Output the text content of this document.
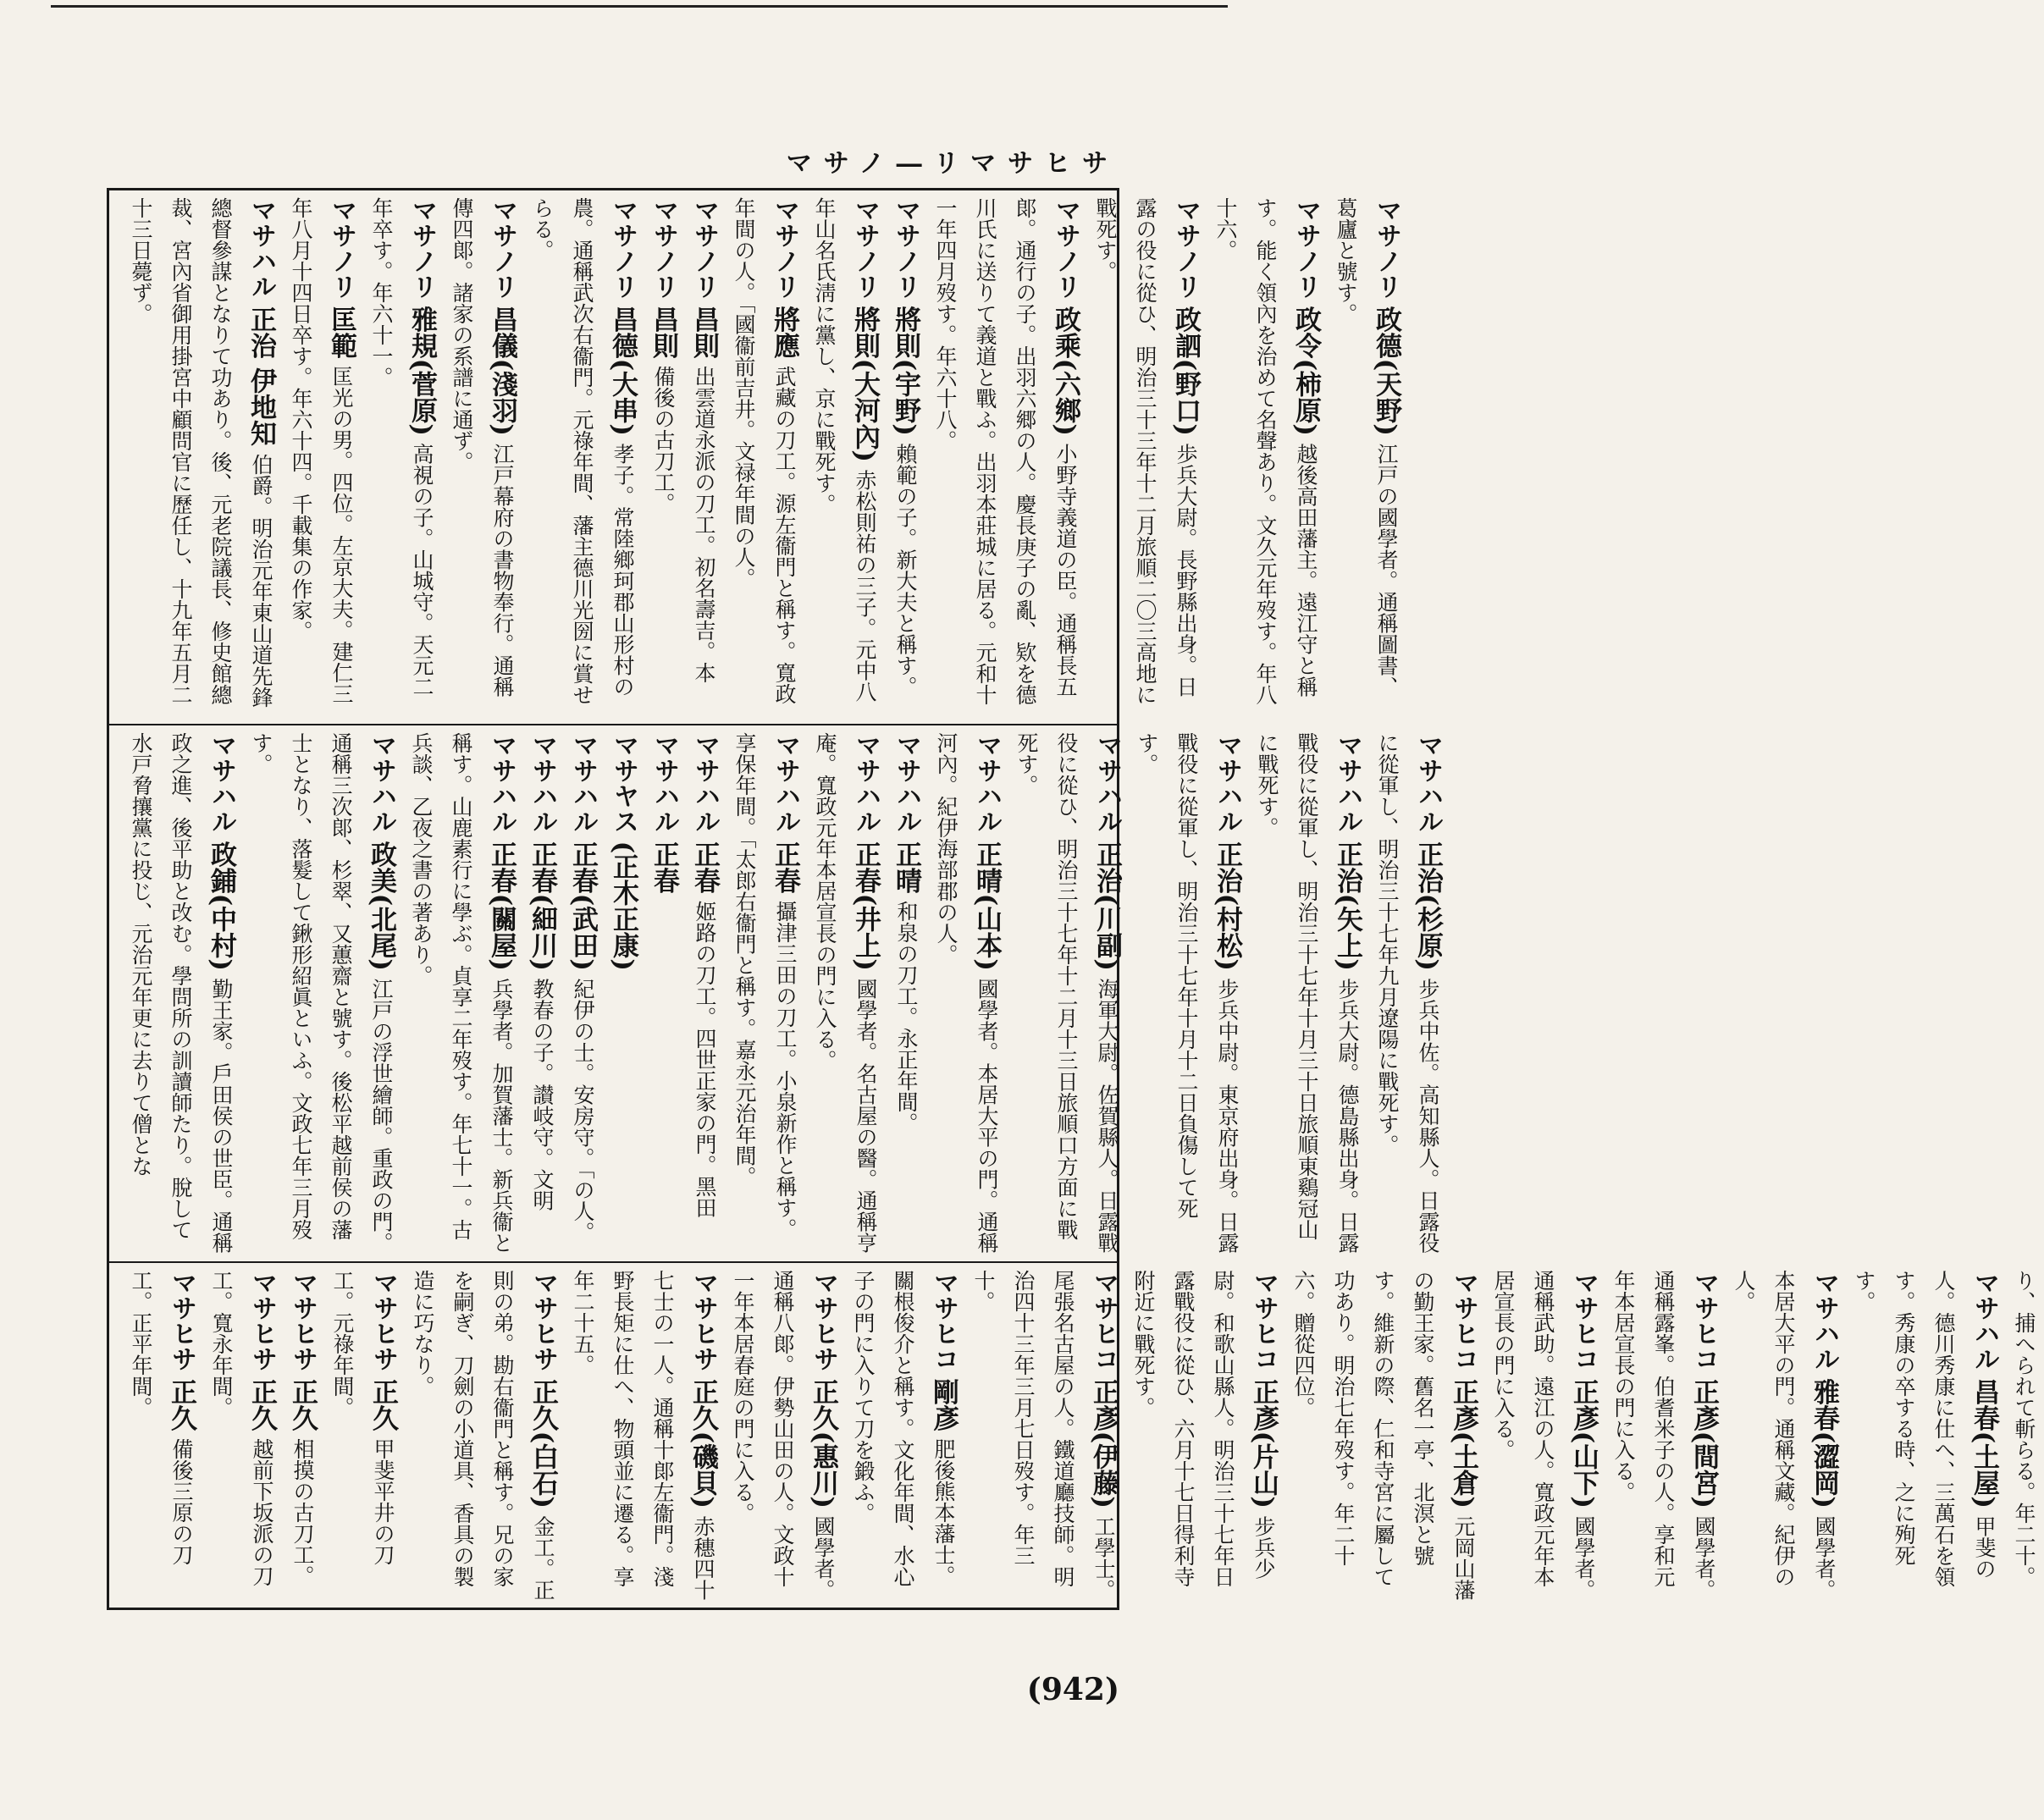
マサノ―リマサヒサ
マサノリ 政德(天野) 江戸の國學者。通稱圖書、葛廬と號す。
マサノリ 政令(柿原) 越後高田藩主。遠江守と稱す。能く領內を治めて名聲あり。文久元年歿す。年八十六。
マサノリ 政訵(野口) 歩兵大尉。長野縣出身。日露の役に從ひ、明治三十三年十二月旅順二〇三高地に戰死す。
マサノリ 政乘(六鄉) 小野寺義道の臣。通稱長五郞。通行の子。出羽六郷の人。慶長庚子の亂、欵を德川氏に送りて義道と戰ふ。出羽本莊城に居る。元和十一年四月歿す。年六十八。
マサノリ 將則(宇野) 賴範の子。新大夫と稱す。
マサノリ 將則(大河內) 赤松則祐の三子。元中八年山名氏淸に黨し、京に戰死す。
マサノリ 將應 武藏の刀工。源左衞門と稱す。寬政年間の人。「國衞前吉井。文禄年間の人。
マサノリ 昌則 出雲道永派の刀工。初名壽吉。本
マサノリ 昌則 備後の古刀工。
マサノリ 昌德(大串) 孝子。常陸鄉珂郡山形村の農。通稱武次右衞門。元祿年間、藩主德川光圀に賞せらる。
マサノリ 昌儀(淺羽) 江戸幕府の書物奉行。通稱傳四郞。諸家の系譜に通ず。
マサノリ 雅規(菅原) 高視の子。山城守。天元二年卒す。年六十一。
マサノリ 匡範 匡光の男。四位。左京大夫。建仁三年八月十四日卒す。年六十四。千載集の作家。
マサハル 正治 伊地知 伯爵。明治元年東山道先鋒總督參謀となりて功あり。後、元老院議長、修史館總裁、宮內省御用掛宮中顧問官に歷任し、十九年五月二十三日薨ず。
マサハル 正治(杉原) 步兵中佐。高知縣人。日露役に從軍し、明治三十七年九月遼陽に戰死す。
マサハル 正治(矢上) 步兵大尉。德島縣出身。日露戰役に從軍し、明治三十七年十月三十日旅順東鷄冠山に戰死す。
マサハル 正治(村松) 步兵中尉。東京府出身。日露戰役に從軍し、明治三十七年十月十二日負傷して死す。
マサハル 正治(川副) 海軍大尉。佐賀縣人。日露戰役に從ひ、明治三十七年十二月十三日旅順口方面に戰死す。
マサハル 正晴(山本) 國學者。本居大平の門。通稱河內。紀伊海部郡の人。
マサハル 正晴 和泉の刀工。永正年間。
マサハル 正春(井上) 國學者。名古屋の醫。通稱亨庵。寬政元年本居宣長の門に入る。
マサハル 正春 攝津三田の刀工。小泉新作と稱す。享保年間。「太郎右衞門と稱す。嘉永元治年間。
マサハル 正春 姬路の刀工。四世正家の門。黑田
マサハル 正春
マサヤス (正木正康)
マサハル 正春(武田) 紀伊の士。安房守。「の人。
マサハル 正春(細川) 教春の子。讃岐守。文明
マサハル 正春(關屋) 兵學者。加賀藩士。新兵衞と稱す。山鹿素行に學ぶ。貞享二年歿す。年七十一。古兵談、乙夜之書の著あり。
マサハル 政美(北尾) 江戸の浮世繪師。重政の門。通稱三次郞、杉翠、又蕙齋と號す。後松平越前侯の藩士となり、落髮して鍬形紹眞といふ。文政七年三月歿す。
マサハル 政鋪(中村) 勤王家。戶田侯の世臣。通稱政之進、後平助と改む。學問所の訓讀師たり。脫して水戸脅攘黨に投じ、元治元年更に去りて僧とな
り、捕へられて斬らる。年二十。
マサハル 昌春(土屋) 甲斐の人。德川秀康に仕へ、三萬石を領す。秀康の卒する時、之に殉死す。
マサハル 雅春(澀岡) 國學者。本居大平の門。通稱文藏。紀伊の人。
マサヒコ 正彥(間宮) 國學者。通稱露峯。伯耆米子の人。享和元年本居宣長の門に入る。
マサヒコ 正彥(山下) 國學者。通稱武助。遠江の人。寬政元年本居宣長の門に入る。
マサヒコ 正彥(土倉) 元岡山藩の勤王家。舊名一亭、北溟と號す。維新の際、仁和寺宮に屬して功あり。明治七年歿す。年二十六。贈從四位。
マサヒコ 正彥(片山) 步兵少尉。和歌山縣人。明治三十七年日露戰役に從ひ、六月十七日得利寺附近に戰死す。
マサヒコ 正彥(伊藤) 工學士。尾張名古屋の人。鐵道廳技師。明治四十三年三月七日歿す。年三十。
マサヒコ 剛彥 肥後熊本藩士。關根俊介と稱す。文化年間、水心子の門に入りて刀を鍛ふ。
マサヒサ 正久(惠川) 國學者。通稱八郞。伊勢山田の人。文政十一年本居春庭の門に入る。
マサヒサ 正久(磯貝) 赤穗四十七士の一人。通稱十郞左衞門。淺野長矩に仕へ、物頭並に遷る。享年二十五。
マサヒサ 正久(白石) 金工。正則の弟。勘右衞門と稱す。兄の家を嗣ぎ、刀劍の小道具、香具の製造に巧なり。
マサヒサ 正久 甲斐平井の刀工。元祿年間。
マサヒサ 正久 相摸の古刀工。
マサヒサ 正久 越前下坂派の刀工。寬永年間。
マサヒサ 正久 備後三原の刀工。正平年間。
(942)
